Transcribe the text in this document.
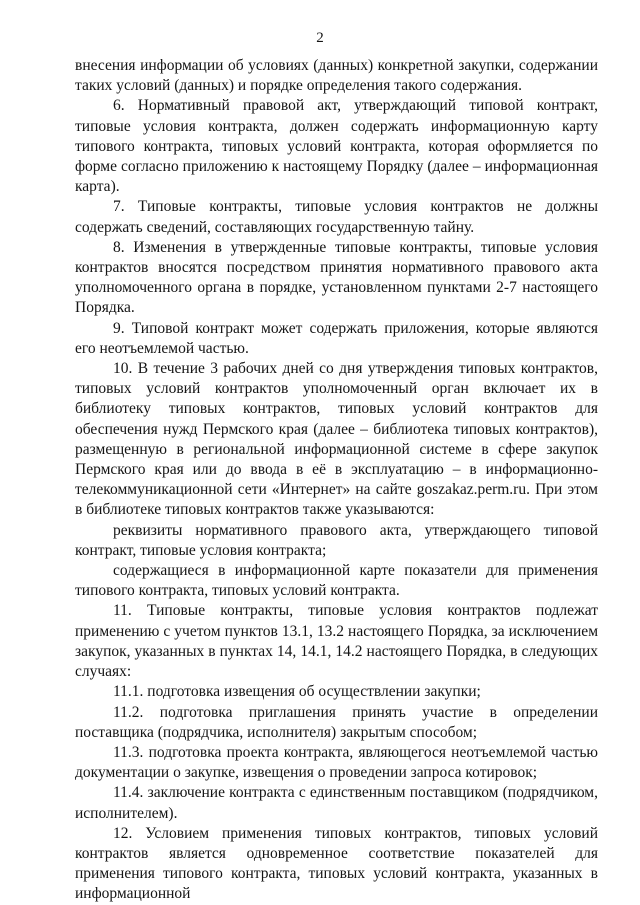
2

внесения информации об условиях (данных) конкретной закупки, содержании таких условий (данных) и порядке определения такого содержания.

6. Нормативный правовой акт, утверждающий типовой контракт, типовые условия контракта, должен содержать информационную карту типового контракта, типовых условий контракта, которая оформляется по форме согласно приложению к настоящему Порядку (далее – информационная карта).

7. Типовые контракты, типовые условия контрактов не должны содержать сведений, составляющих государственную тайну.

8. Изменения в утвержденные типовые контракты, типовые условия контрактов вносятся посредством принятия нормативного правового акта уполномоченного органа в порядке, установленном пунктами 2-7 настоящего Порядка.

9. Типовой контракт может содержать приложения, которые являются его неотъемлемой частью.

10. В течение 3 рабочих дней со дня утверждения типовых контрактов, типовых условий контрактов уполномоченный орган включает их в библиотеку типовых контрактов, типовых условий контрактов для обеспечения нужд Пермского края (далее – библиотека типовых контрактов), размещенную в региональной информационной системе в сфере закупок Пермского края или до ввода в её в эксплуатацию – в информационно-телекоммуникационной сети «Интернет» на сайте goszakaz.perm.ru. При этом в библиотеке типовых контрактов также указываются:

реквизиты нормативного правового акта, утверждающего типовой контракт, типовые условия контракта;

содержащиеся в информационной карте показатели для применения типового контракта, типовых условий контракта.

11. Типовые контракты, типовые условия контрактов подлежат применению с учетом пунктов 13.1, 13.2 настоящего Порядка, за исключением закупок, указанных в пунктах 14, 14.1, 14.2 настоящего Порядка, в следующих случаях:

11.1. подготовка извещения об осуществлении закупки;

11.2. подготовка приглашения принять участие в определении поставщика (подрядчика, исполнителя) закрытым способом;

11.3. подготовка проекта контракта, являющегося неотъемлемой частью документации о закупке, извещения о проведении запроса котировок;

11.4. заключение контракта с единственным поставщиком (подрядчиком, исполнителем).

12. Условием применения типовых контрактов, типовых условий контрактов является одновременное соответствие показателей для применения типового контракта, типовых условий контракта, указанных в информационной
